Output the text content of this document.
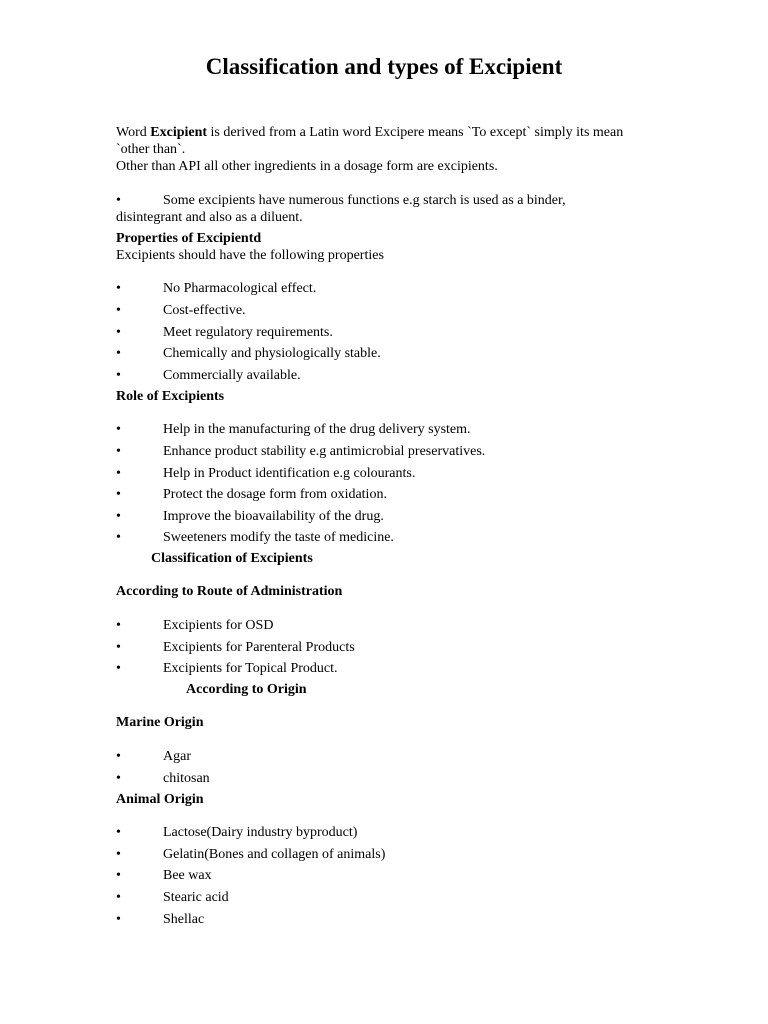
Classification and types of Excipient
Word Excipient is derived from a Latin word Excipere means `To except` simply its mean `other than`.
Other than API all other ingredients in a dosage form are excipients.
•	Some excipients have numerous functions e.g starch is used as a binder, disintegrant and also as a diluent.
Properties of Excipientd
Excipients should have the following properties
•	No Pharmacological effect.
•	Cost-effective.
•	Meet regulatory requirements.
•	Chemically and physiologically stable.
•	Commercially available.
Role of Excipients
•	Help in the manufacturing of the drug delivery system.
•	Enhance product stability e.g antimicrobial preservatives.
•	Help in Product identification e.g colourants.
•	Protect the dosage form from oxidation.
•	Improve the bioavailability of the drug.
•	Sweeteners modify the taste of medicine.
Classification of Excipients
According to Route of Administration
•	Excipients for OSD
•	Excipients for Parenteral Products
•	Excipients for Topical Product.
According to Origin
Marine Origin
•	Agar
•	chitosan
Animal Origin
•	Lactose(Dairy industry byproduct)
•	Gelatin(Bones and collagen of animals)
•	Bee wax
•	Stearic acid
•	Shellac
